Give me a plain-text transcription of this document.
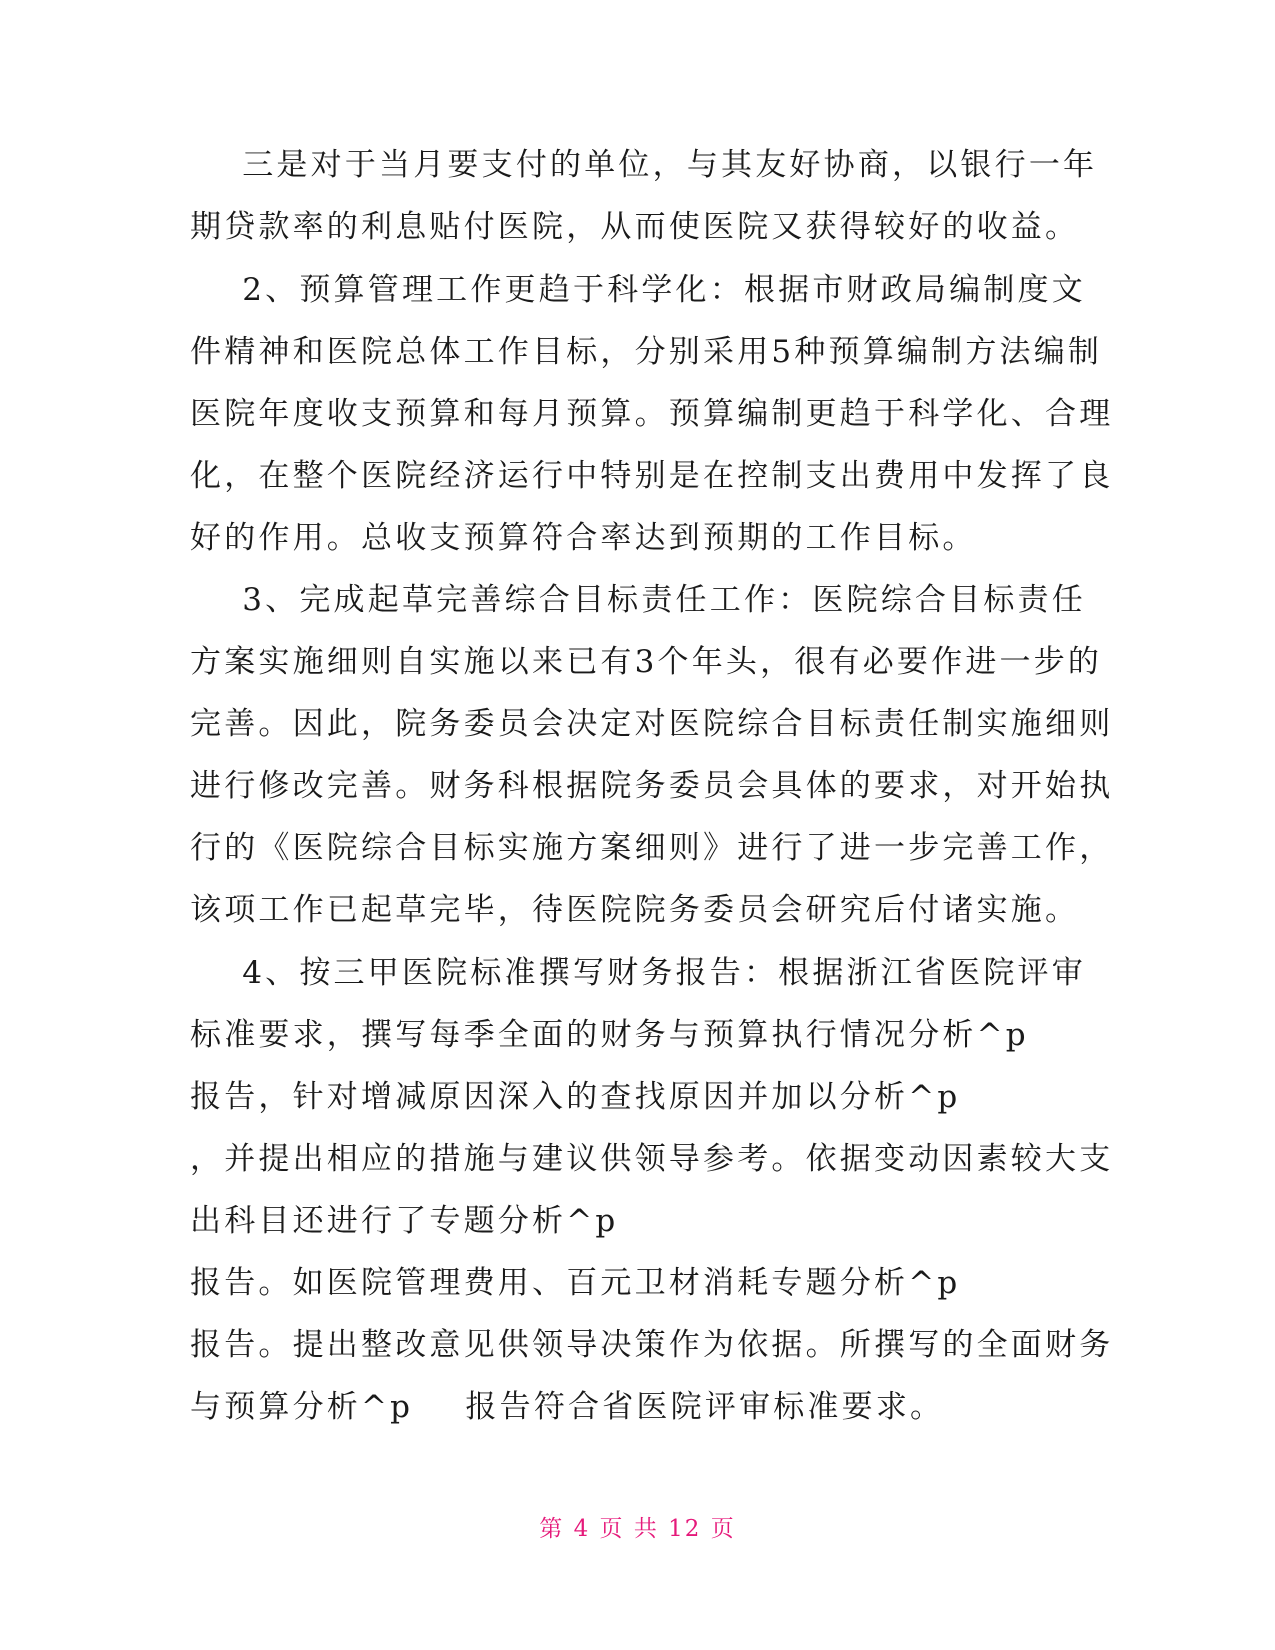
三是对于当月要支付的单位，与其友好协商，以银行一年
期贷款率的利息贴付医院，从而使医院又获得较好的收益。
2、预算管理工作更趋于科学化：根据市财政局编制度文
件精神和医院总体工作目标，分别采用5种预算编制方法编制
医院年度收支预算和每月预算。预算编制更趋于科学化、合理
化，在整个医院经济运行中特别是在控制支出费用中发挥了良
好的作用。总收支预算符合率达到预期的工作目标。
3、完成起草完善综合目标责任工作：医院综合目标责任
方案实施细则自实施以来已有3个年头，很有必要作进一步的
完善。因此，院务委员会决定对医院综合目标责任制实施细则
进行修改完善。财务科根据院务委员会具体的要求，对开始执
行的《医院综合目标实施方案细则》进行了进一步完善工作，
该项工作已起草完毕，待医院院务委员会研究后付诸实施。
4、按三甲医院标准撰写财务报告：根据浙江省医院评审
标准要求，撰写每季全面的财务与预算执行情况分析^p
报告，针对增减原因深入的查找原因并加以分析^p
，并提出相应的措施与建议供领导参考。依据变动因素较大支
出科目还进行了专题分析^p
报告。如医院管理费用、百元卫材消耗专题分析^p
报告。提出整改意见供领导决策作为依据。所撰写的全面财务
与预算分析^p    报告符合省医院评审标准要求。
第 4 页 共 12 页
